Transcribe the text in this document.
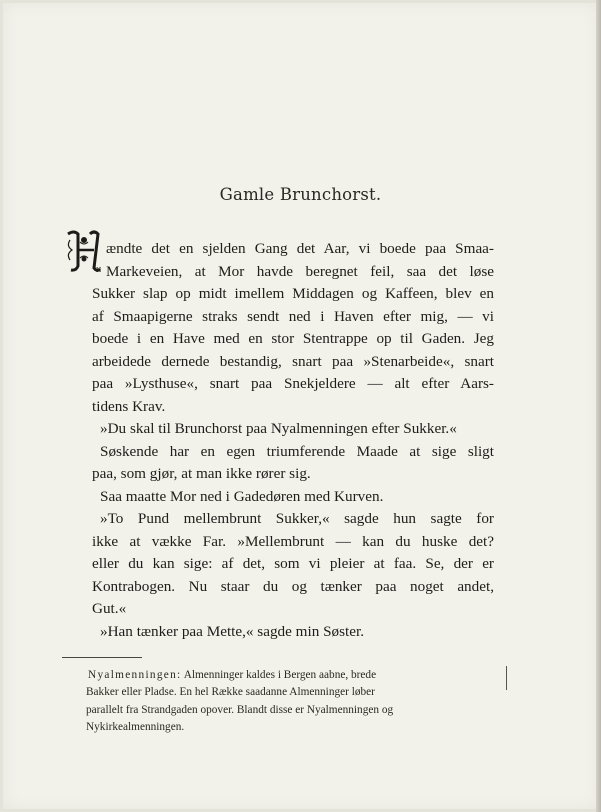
Gamle Brunchorst.
H
ændte det en sjelden Gang det Aar, vi boede paa Smaa-
Markeveien, at Mor havde beregnet feil, saa det løse
Sukker slap op midt imellem Middagen og Kaffeen, blev en
af Smaapigerne straks sendt ned i Haven efter mig, — vi
boede i en Have med en stor Stentrappe op til Gaden. Jeg
arbeidede dernede bestandig, snart paa »Stenarbeide«, snart
paa »Lysthuse«, snart paa Snekjeldere — alt efter Aars-
tidens Krav.
»Du skal til Brunchorst paa Nyalmenningen efter Sukker.«
Søskende har en egen triumferende Maade at sige sligt
paa, som gjør, at man ikke rører sig.
Saa maatte Mor ned i Gadedøren med Kurven.
»To Pund mellembrunt Sukker,« sagde hun sagte for
ikke at vække Far. »Mellembrunt — kan du huske det?
eller du kan sige: af det, som vi pleier at faa. Se, der er
Kontrabogen. Nu staar du og tænker paa noget andet,
Gut.«
»Han tænker paa Mette,« sagde min Søster.
Nyalmenningen: Almenninger kaldes i Bergen aabne, brede
Bakker eller Pladse. En hel Række saadanne Almenninger løber
parallelt fra Strandgaden opover. Blandt disse er Nyalmenningen og
Nykirkealmenningen.
